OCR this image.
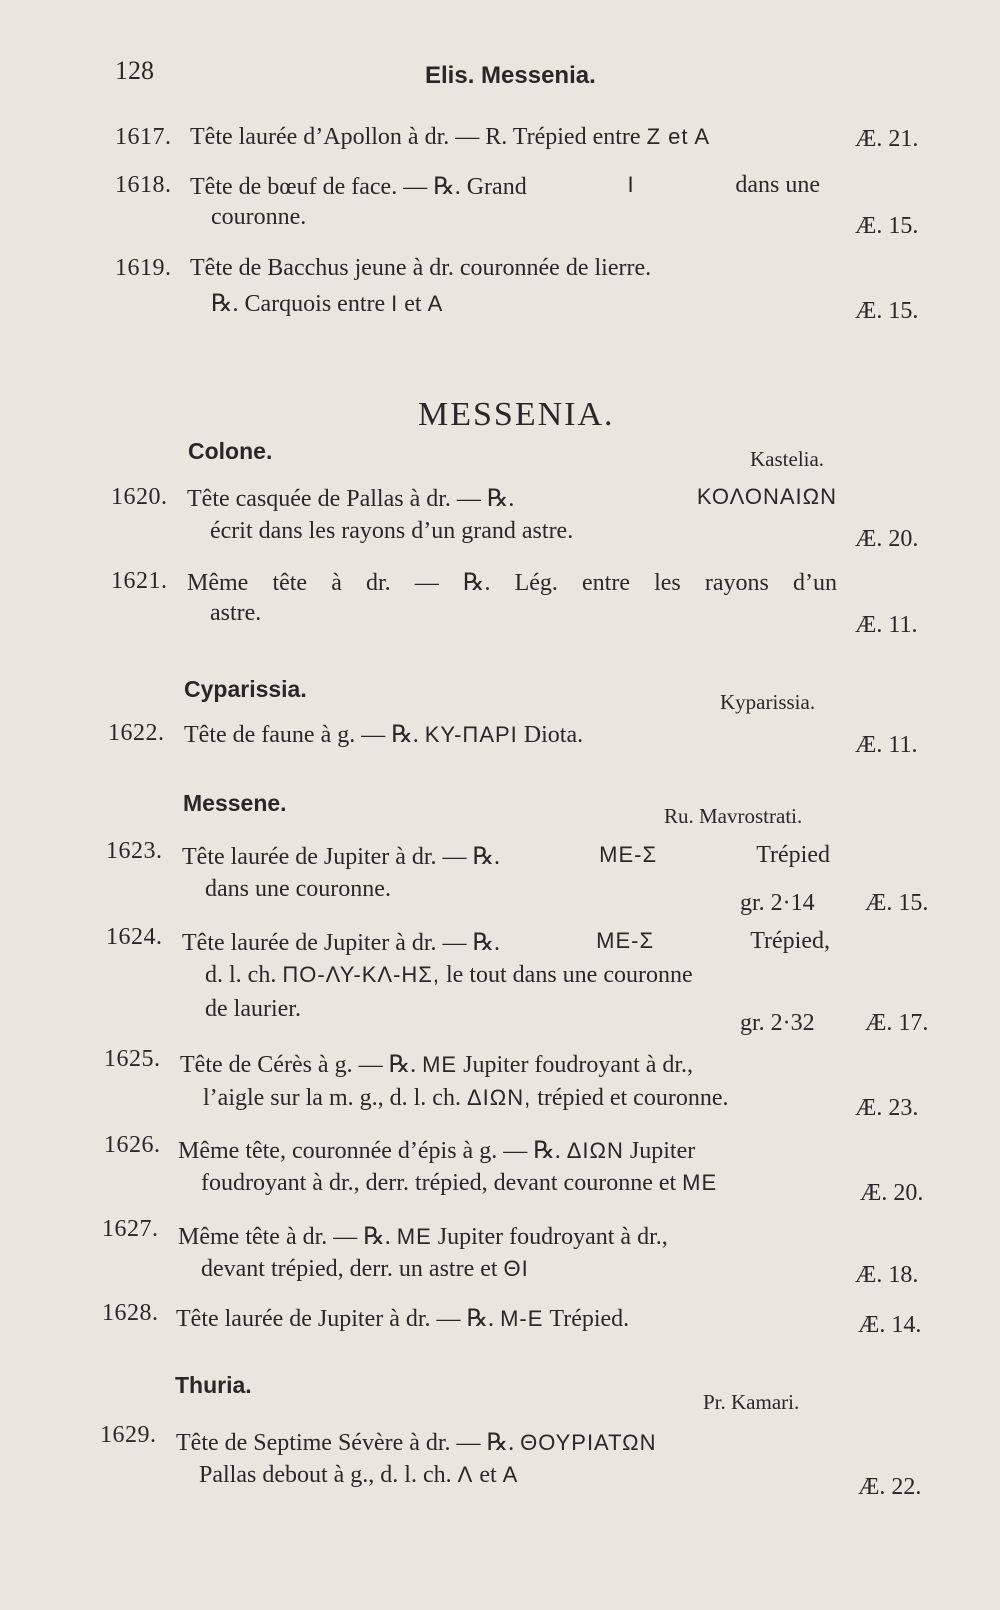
128	Elis. Messenia.
1617. Tête laurée d’Apollon à dr. — R. Trépied entre Z et A	Æ. 21.
1618. Tête de bœuf de face. — ℞. Grand	I	dans une
couronne.	Æ. 15.
1619. Tête de Bacchus jeune à dr. couronnée de lierre.
℞. Carquois entre I et A	Æ. 15.
MESSENIA.
Colone.	Kastelia.
1620. Tête casquée de Pallas à dr. — ℞.	ΚΟΛΟΝΑΙΩΝ
écrit dans les rayons d’un grand astre.	Æ. 20.
1621. Même tête à dr. — ℞. Lég. entre les rayons d’un
astre.	Æ. 11.
Cyparissia.	Kyparissia.
1622. Tête de faune à g. — ℞. ΚΥ-ΠΑΡΙ Diota.	Æ. 11.
Messene.	Ru. Mavrostrati.
1623. Tête laurée de Jupiter à dr. — ℞.	ΜΕ-Σ	Trépied
dans une couronne.
gr. 2·14 Æ. 15.
1624. Tête laurée de Jupiter à dr. — ℞.	ΜΕ-Σ	Trépied,
d. l. ch. ΠΟ-ΛΥ-ΚΛ-ΗΣ, le tout dans une couronne
de laurier.
gr. 2·32 Æ. 17.
1625. Tête de Cérès à g. — ℞. ΜΕ Jupiter foudroyant à dr.,
l’aigle sur la m. g., d. l. ch. ΔΙΩΝ, trépied et couronne.	Æ. 23.
1626. Même tête, couronnée d’épis à g. — ℞. ΔΙΩΝ Jupiter
foudroyant à dr., derr. trépied, devant couronne et ΜΕ	Æ. 20.
1627. Même tête à dr. — ℞. ΜΕ Jupiter foudroyant à dr.,
devant trépied, derr. un astre et ΘΙ	Æ. 18.
1628. Tête laurée de Jupiter à dr. — ℞. Μ-Ε Trépied.	Æ. 14.
Thuria.
Pr. Kamari.
1629. Tête de Septime Sévère à dr. — ℞. ΘΟΥΡΙΑΤΩΝ
Pallas debout à g., d. l. ch. Λ et Α	Æ. 22.
